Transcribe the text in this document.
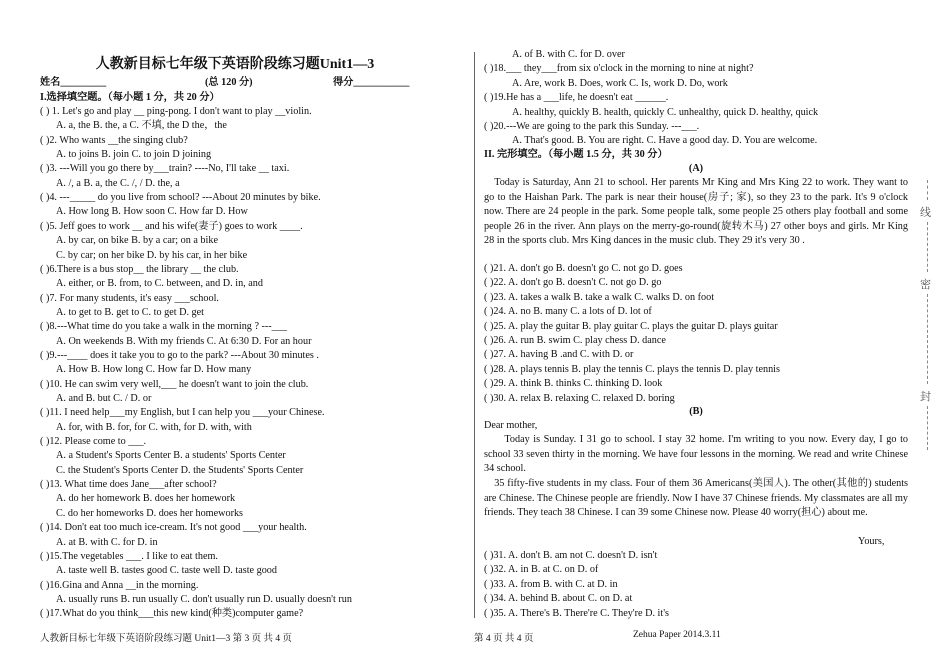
人教新目标七年级下英语阶段练习题Unit1—3
姓名_________	(总 120 分)	得分___________
I.选择填空题。（每小题 1 分，共 20 分）
( ) 1. Let's go and play __ ping-pong. I don't want to play __violin.
A. a, the B. the, a C. 不填, the D the，the
( )2. Who wants __the singing club?
A. to joins B. join C. to join D joining
( )3. ---Will you go there by___train? ----No, I'll take __ taxi.
A. /, a B. a, the C. /, / D. the, a
( )4. ---_____ do you live from school? ---About 20 minutes by bike.
A. How long B. How soon C. How far D. How
( )5. Jeff goes to work __ and his wife(妻子) goes to work ____.
A. by car, on bike B. by a car; on a bike
C. by car; on her bike D. by his car, in her bike
( )6.There is a bus stop__ the library __ the club.
A. either, or B. from, to C. between, and D. in, and
( )7. For many students, it's easy ___school.
A. to get to B. get to C. to get D. get
( )8.---What time do you take a walk in the morning ? ---___
A. On weekends B. With my friends C. At 6:30 D. For an hour
( )9.---____ does it take you to go to the park? ---About 30 minutes .
A. How B. How long C. How far D. How many
( )10. He can swim very well,___ he doesn't want to join the club.
A. and B. but C. / D. or
( )11. I need help___my English, but I can help you ___your Chinese.
A. for, with B. for, for C. with, for D. with, with
( )12. Please come to ___.
A. a Student's Sports Center B. a students' Sports Center
C. the Student's Sports Center D. the Students' Sports Center
( )13. What time does Jane___after school?
A. do her homework B. does her homework
C. do her homeworks D. does her homeworks
( )14. Don't eat too much ice-cream. It's not good ___your health.
A. at B. with C. for D. in
( )15.The vegetables ___. I like to eat them.
A. taste well B. tastes good C. taste well D. taste good
( )16.Gina and Anna __in the morning.
A. usually runs B. run usually C. don't usually run D. usually doesn't run
( )17.What do you think___this new kind(种类)computer game?
人教新目标七年级下英语阶段练习题 Unit1—3 第 3 页 共 4 页
A. of B. with C. for D. over
( )18.___ they___from six o'clock in the morning to nine at night?
A. Are, work B. Does, work C. Is, work D. Do, work
( )19.He has a ___life, he doesn't eat ______.
A. healthy, quickly B. health, quickly C. unhealthy, quick D. healthy, quick
( )20.---We are going to the park this Sunday. ---___.
A. That's good. B. You are right. C. Have a good day. D. You are welcome.
II. 完形填空。（每小题 1.5 分，共 30 分）
(A)
Today is Saturday, Ann 21 to school. Her parents Mr King and Mrs King 22 to work. They want to go to the Haishan Park. The park is near their house(房子; 家), so they 23 to the park. It's 9 o'clock now. There are 24 people in the park. Some people talk, some people 25 others play football and some people 26 in the river. Ann plays on the merry-go-round(旋转木马) 27 other boys and girls. Mr King 28 in the sports club. Mrs King dances in the music club. They 29 it's very 30 .
( )21. A. don't go B. doesn't go C. not go D. goes
( )22. A. don't go B. doesn't C. not go D. go
( )23. A. takes a walk B. take a walk C. walks D. on foot
( )24. A. no B. many C. a lots of D. lot of
( )25. A. play the guitar B. play guitar C. plays the guitar D. plays guitar
( )26. A. run B. swim C. play chess D. dance
( )27. A. having B .and C. with D. or
( )28. A. plays tennis B. play the tennis C. plays the tennis D. play tennis
( )29. A. think B. thinks C. thinking D. look
( )30. A. relax B. relaxing C. relaxed D. boring
(B)
Dear mother,
Today is Sunday. I 31 go to school. I stay 32 home. I'm writing to you now. Every day, I go to school 33 seven thirty in the morning. We have four lessons in the morning. We read and write Chinese 34 school.
35 fifty-five students in my class. Four of them 36 Americans(美国人). The other(其他的) students are Chinese. The Chinese people are friendly. Now I have 37 Chinese friends. My classmates are all my friends. They teach 38 Chinese. I can 39 some Chinese now. Please 40 worry(担心) about me.
Yours,
( )31. A. don't B. am not C. doesn't D. isn't
( )32. A. in B. at C. on D. of
( )33. A. from B. with C. at D. in
( )34. A. behind B. about C. on D. at
( )35. A. There's B. There're C. They're D. it's
第 4 页 共 4 页	Zehua Paper 2014.3.11
线
密
封
